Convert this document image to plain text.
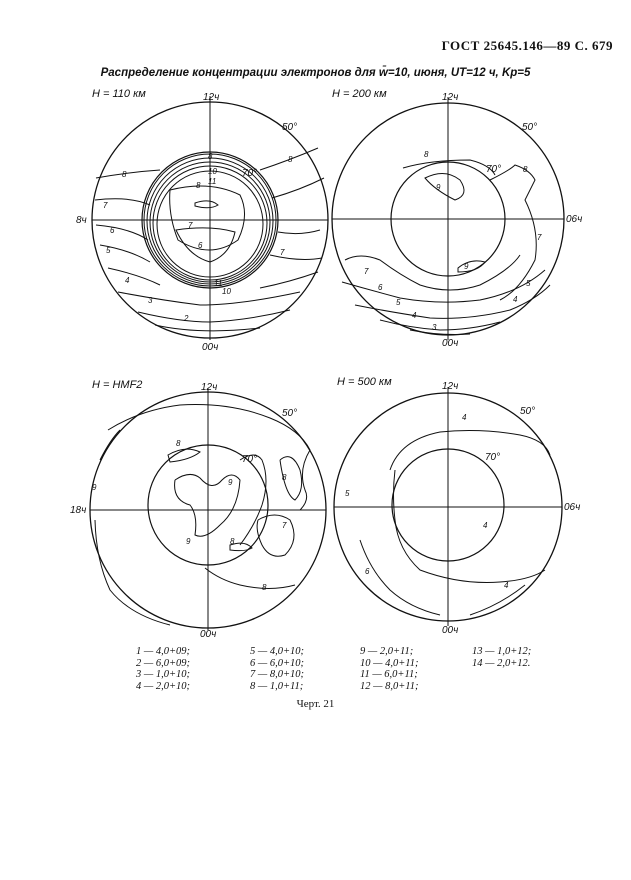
ГОСТ 25645.146—89 С. 679
Распределение концентрации электронов для w̄=10, июня, UT=12 ч, Kp=5
H = 110 км	12ч
8ч
00ч
50°
70°
8
10
11
8
8
7
8
7
6
5
4
3
2
6
11
10
7
H = 200 км	12ч
06ч
00ч
50°
70°
8
9
8
7
6
5
4
3
5
4
9
7
H = HMF2	12ч
18ч
00ч
50°
70°
8
9
9
8
9
8
7
8
H = 500 км	12ч
06ч
00ч
50°
70°
4
5
4
6
4
1 — 4,0+09;
2 — 6,0+09;
3 — 1,0+10;
4 — 2,0+10;
5 — 4,0+10;
6 — 6,0+10;
7 — 8,0+10;
8 — 1,0+11;
9 — 2,0+11;
10 — 4,0+11;
11 — 6,0+11;
12 — 8,0+11;
13 — 1,0+12;
14 — 2,0+12.
Черт. 21
